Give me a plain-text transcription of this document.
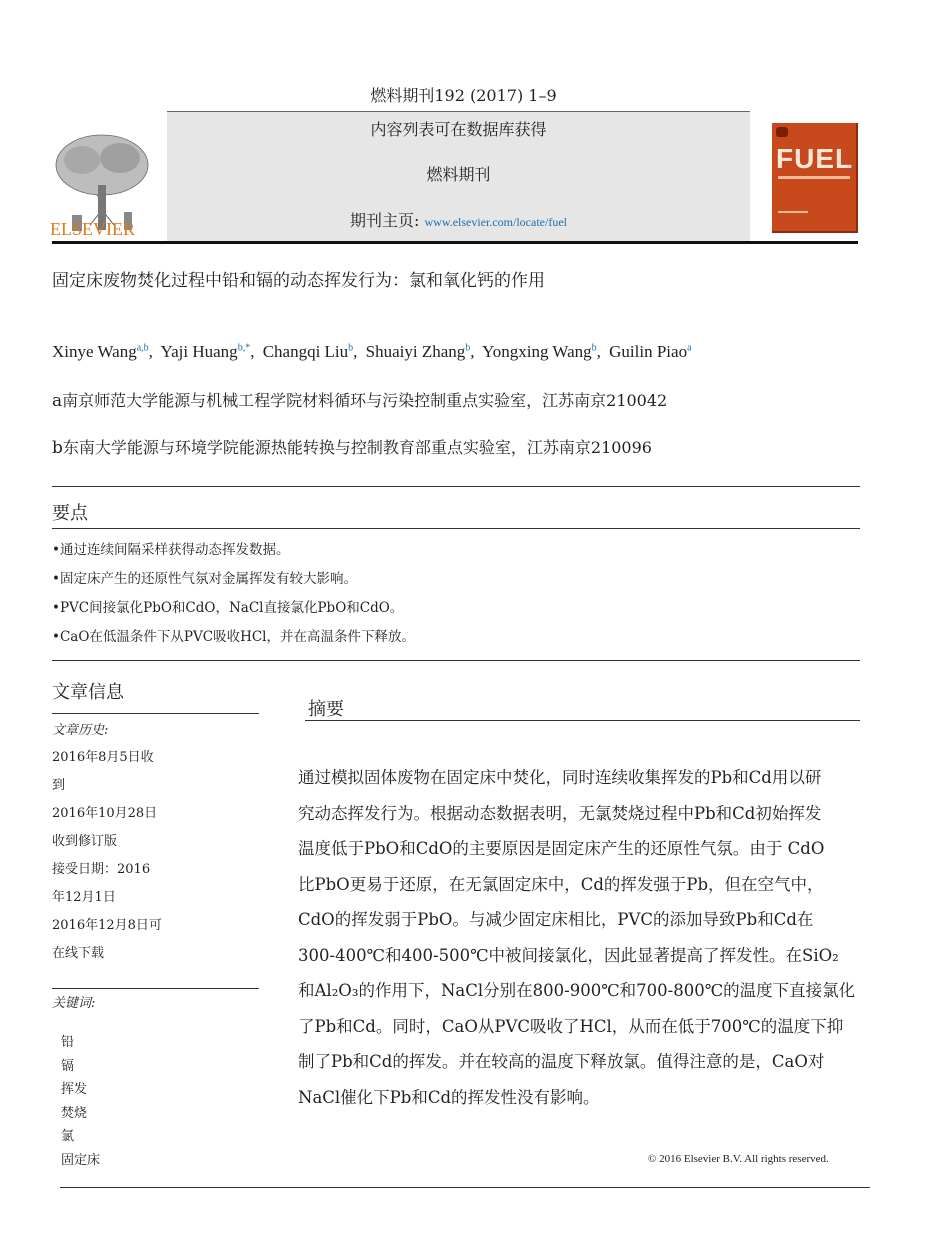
燃料期刊192 (2017) 1–9
ELSEVIER
内容列表可在数据库获得
燃料期刊
期刊主页: www.elsevier.com/locate/fuel
FUEL
固定床废物焚化过程中铅和镉的动态挥发行为：氯和氧化钙的作用
Xinye Wang$^{a,b}$, Yaji Huang$^{b,*}$, Changqi Liu$^b$, Shuaiyi Zhang$^b$, Yongxing Wang$^b$, Guilin Piao$^a$
a南京师范大学能源与机械工程学院材料循环与污染控制重点实验室，江苏南京210042
b东南大学能源与环境学院能源热能转换与控制教育部重点实验室，江苏南京210096
要点
•通过连续间隔采样获得动态挥发数据。
•固定床产生的还原性气氛对金属挥发有较大影响。
•PVC间接氯化PbO和CdO，NaCl直接氯化PbO和CdO。
•CaO在低温条件下从PVC吸收HCl，并在高温条件下释放。
文章信息
文章历史:
2016年8月5日收
到
2016年10月28日
收到修订版
接受日期：2016
年12月1日
2016年12月8日可
在线下载
关键词:
铅
镉
挥发
焚烧
氯
固定床
摘要
通过模拟固体废物在固定床中焚化，同时连续收集挥发的Pb和Cd用以研
究动态挥发行为。根据动态数据表明，无氯焚烧过程中Pb和Cd初始挥发
温度低于PbO和CdO的主要原因是固定床产生的还原性气氛。由于 CdO
比PbO更易于还原，在无氯固定床中，Cd的挥发强于Pb，但在空气中，
CdO的挥发弱于PbO。与减少固定床相比，PVC的添加导致Pb和Cd在
300-400℃和400-500℃中被间接氯化，因此显著提高了挥发性。在SiO₂
和Al₂O₃的作用下，NaCl分别在800-900℃和700-800℃的温度下直接氯化
了Pb和Cd。同时，CaO从PVC吸收了HCl，从而在低于700℃的温度下抑
制了Pb和Cd的挥发。并在较高的温度下释放氯。值得注意的是，CaO对
NaCl催化下Pb和Cd的挥发性没有影响。
© 2016 Elsevier B.V. All rights reserved.
